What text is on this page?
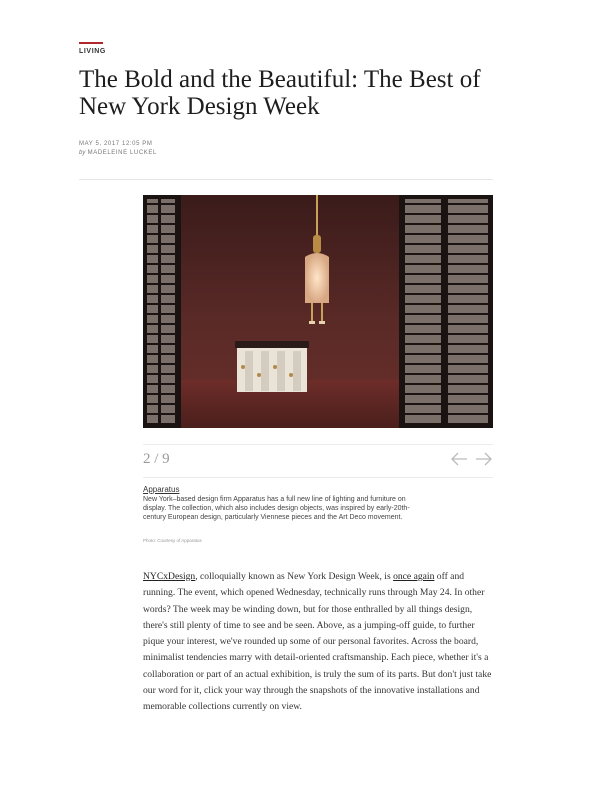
LIVING
The Bold and the Beautiful: The Best of New York Design Week
MAY 5, 2017 12:05 PM
by MADELEINE LUCKEL
2 / 9
Apparatus

New York–based design firm Apparatus has a full new line of lighting and furniture on display. The collection, which also includes design objects, was inspired by early-20th-century European design, particularly Viennese pieces and the Art Deco movement.

Photo: Courtesy of Apparatus

NYCxDesign, colloquially known as New York Design Week, is once again off and running. The event, which opened Wednesday, technically runs through May 24. In other words? The week may be winding down, but for those enthralled by all things design, there's still plenty of time to see and be seen. Above, as a jumping-off guide, to further pique your interest, we've rounded up some of our personal favorites. Across the board, minimalist tendencies marry with detail-oriented craftsmanship. Each piece, whether it's a collaboration or part of an actual exhibition, is truly the sum of its parts. But don't just take our word for it, click your way through the snapshots of the innovative installations and memorable collections currently on view.
